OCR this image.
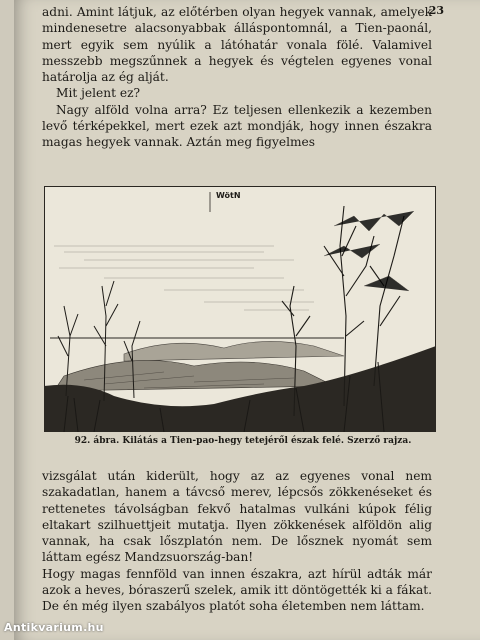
23

adni. Amint látjuk, az előtérben olyan hegyek vannak, amelyek mindenesetre alacsonyabbak álláspontomnál, a Tien-paonál, mert egyik sem nyúlik a látóhatár vonala fölé. Valamivel messzebb megszűnnek a hegyek és végtelen egyenes vonal határolja az ég alját.

Mit jelent ez?

Nagy alföld volna arra? Ez teljesen ellenkezik a kezemben levő térképekkel, mert ezek azt mondják, hogy innen északra magas hegyek vannak. Aztán meg figyelmes

WötN
92. ábra. Kilátás a Tien-pao-hegy tetejéről észak felé. Szerző rajza.

vizsgálat után kiderült, hogy az az egyenes vonal nem szakadatlan, hanem a távcső merev, lépcsős zökkenéseket és rettenetes távolságban fekvő hatalmas vulkáni kúpok félig eltakart szilhuettjeit mutatja. Ilyen zökkenések alföldön alig vannak, ha csak lőszplatón nem. De lősznek nyomát sem láttam egész Mandzsuország-ban!

Hogy magas fennföld van innen északra, azt hírül adták már azok a heves, bóraszerű szelek, amik itt döntögették ki a fákat. De én még ilyen szabályos platót soha életemben nem láttam.

Antikvarium.hu
